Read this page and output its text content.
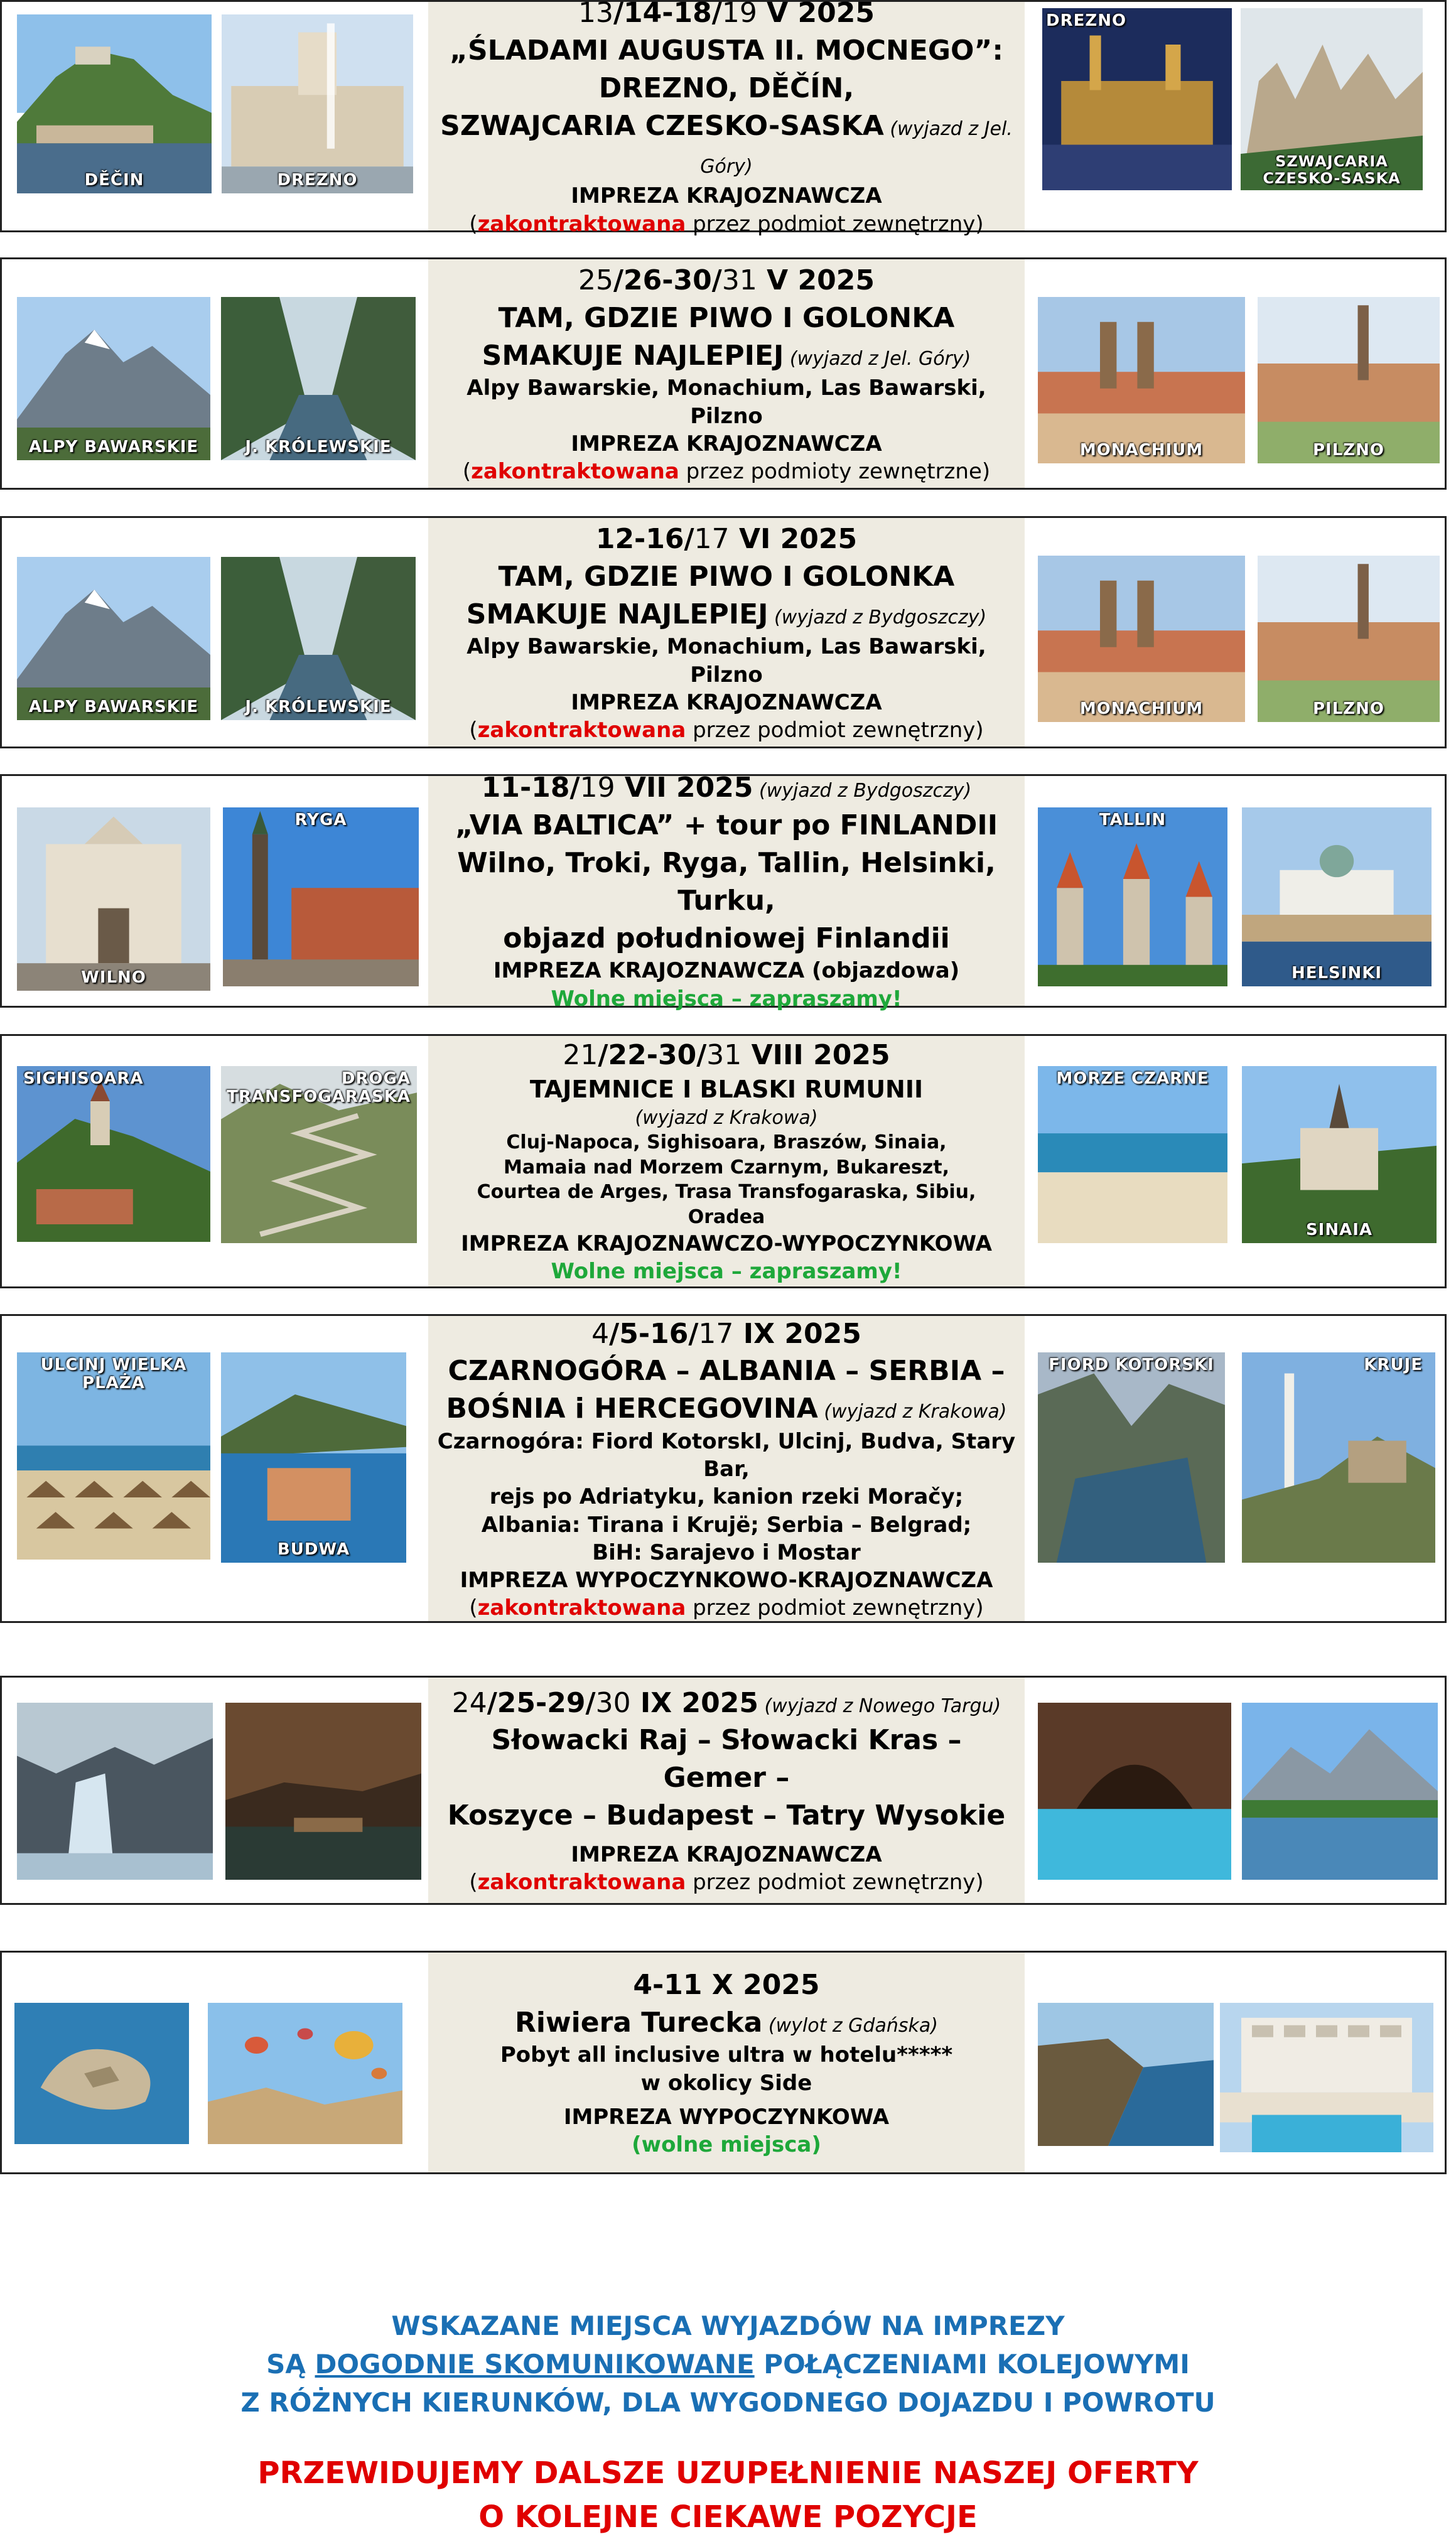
DĚČIN	DREZNO
13/14-18/19 V 2025
„ŚLADAMI AUGUSTA II. MOCNEGO”:
DREZNO, DĚČÍN,
SZWAJCARIA CZESKO-SASKA (wyjazd z Jel. Góry)
IMPREZA KRAJOZNAWCZA
(zakontraktowana przez podmiot zewnętrzny)
DREZNO
SZWAJCARIA CZESKO-SASKA
ALPY BAWARSKIE	J. KRÓLEWSKIE
25/26-30/31 V 2025
TAM, GDZIE PIWO I GOLONKA
SMAKUJE NAJLEPIEJ (wyjazd z Jel. Góry)
Alpy Bawarskie, Monachium, Las Bawarski, Pilzno
IMPREZA KRAJOZNAWCZA
(zakontraktowana przez podmioty zewnętrzne)
MONACHIUM	PILZNO
ALPY BAWARSKIE	J. KRÓLEWSKIE
12-16/17 VI 2025
TAM, GDZIE PIWO I GOLONKA
SMAKUJE NAJLEPIEJ (wyjazd z Bydgoszczy)
Alpy Bawarskie, Monachium, Las Bawarski, Pilzno
IMPREZA KRAJOZNAWCZA
(zakontraktowana przez podmiot zewnętrzny)
MONACHIUM	PILZNO
WILNO
RYGA
11-18/19 VII 2025 (wyjazd z Bydgoszczy)
„VIA BALTICA” + tour po FINLANDII
Wilno, Troki, Ryga, Tallin, Helsinki, Turku,
objazd południowej Finlandii
IMPREZA KRAJOZNAWCZA (objazdowa)
Wolne miejsca – zapraszamy!
TALLIN
HELSINKI
SIGHISOARA	DROGA TRANSFOGARASKA
21/22-30/31 VIII 2025
TAJEMNICE I BLASKI RUMUNII
(wyjazd z Krakowa)
Cluj-Napoca, Sighisoara, Braszów, Sinaia,
Mamaia nad Morzem Czarnym, Bukareszt,
Courtea de Arges, Trasa Transfogaraska, Sibiu, Oradea
IMPREZA KRAJOZNAWCZO-WYPOCZYNKOWA
Wolne miejsca – zapraszamy!
MORZE CZARNE
SINAIA
ULCINJ WIELKA PLAŻA
BUDWA
4/5-16/17 IX 2025
CZARNOGÓRA – ALBANIA – SERBIA –
BOŚNIA i HERCEGOVINA (wyjazd z Krakowa)
Czarnogóra: Fiord KotorskI, Ulcinj, Budva, Stary Bar,
rejs po Adriatyku, kanion rzeki Moračy;
Albania: Tirana i Krujë; Serbia – Belgrad;
BiH: Sarajevo i Mostar
IMPREZA WYPOCZYNKOWO-KRAJOZNAWCZA
(zakontraktowana przez podmiot zewnętrzny)
FIORD KOTORSKI	KRUJE
24/25-29/30 IX 2025 (wyjazd z Nowego Targu)
Słowacki Raj – Słowacki Kras – Gemer –
Koszyce – Budapest – Tatry Wysokie
IMPREZA KRAJOZNAWCZA
(zakontraktowana przez podmiot zewnętrzny)
4-11 X 2025
Riwiera Turecka (wylot z Gdańska)
Pobyt all inclusive ultra w hotelu*****
w okolicy Side
IMPREZA WYPOCZYNKOWA
(wolne miejsca)
WSKAZANE MIEJSCA WYJAZDÓW NA IMPREZY
SĄ DOGODNIE SKOMUNIKOWANE POŁĄCZENIAMI KOLEJOWYMI
Z RÓŻNYCH KIERUNKÓW, DLA WYGODNEGO DOJAZDU I POWROTU
PRZEWIDUJEMY DALSZE UZUPEŁNIENIE NASZEJ OFERTY
O KOLEJNE CIEKAWE POZYCJE
